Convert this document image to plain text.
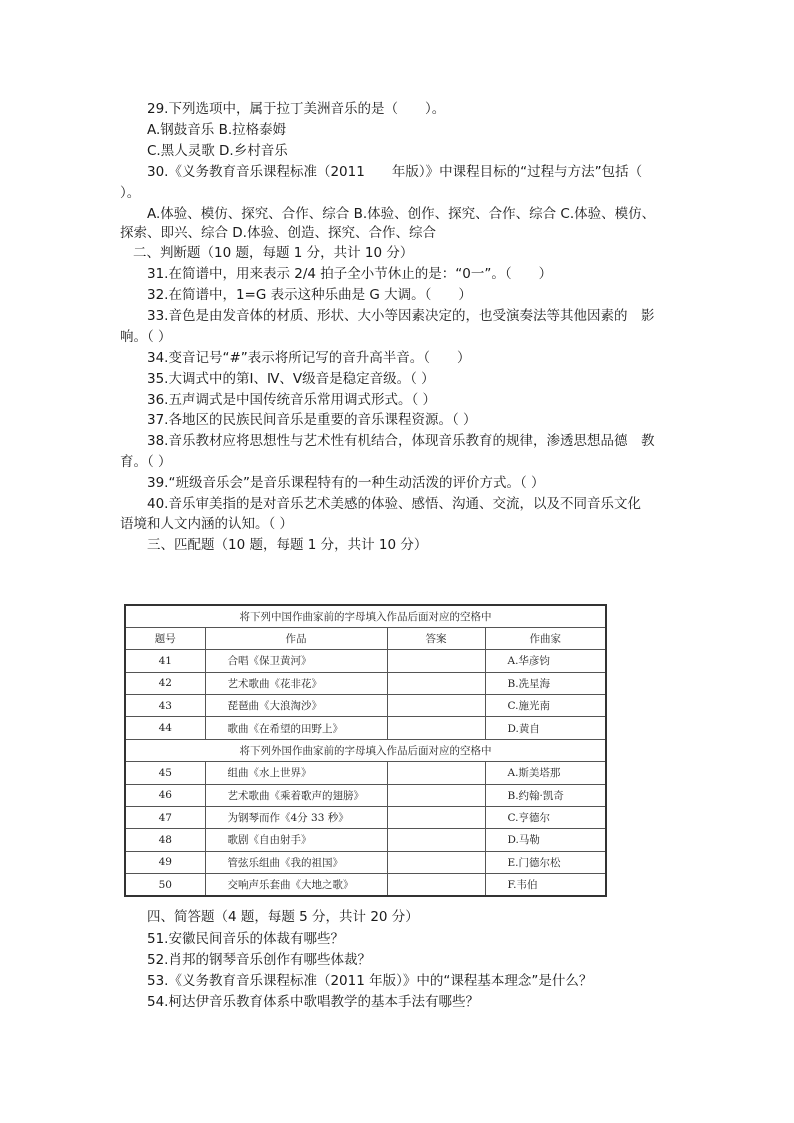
29.下列选项中，属于拉丁美洲音乐的是（　　）。
A.钢鼓音乐 B.拉格泰姆
C.黑人灵歌 D.乡村音乐
30.《义务教育音乐课程标准（2011　　年版）》中课程目标的“过程与方法”包括（
）。
A.体验、模仿、探究、合作、综合 B.体验、创作、探究、合作、综合 C.体验、模仿、
探索、即兴、综合 D.体验、创造、探究、合作、综合
二、判断题（10 题，每题 1 分，共计 10 分）
31.在简谱中，用来表示 2/4 拍子全小节休止的是：“0一”。（　　）
32.在简谱中，1=G 表示这种乐曲是 G 大调。（　　）
33.音色是由发音体的材质、形状、大小等因素决定的，也受演奏法等其他因素的　影
响。（ ）
34.变音记号“#”表示将所记写的音升高半音。（　　）
35.大调式中的第Ⅰ、Ⅳ、Ⅴ级音是稳定音级。（ ）
36.五声调式是中国传统音乐常用调式形式。（ ）
37.各地区的民族民间音乐是重要的音乐课程资源。（ ）
38.音乐教材应将思想性与艺术性有机结合，体现音乐教育的规律，渗透思想品德　教
育。（ ）
39.“班级音乐会”是音乐课程特有的一种生动活泼的评价方式。（ ）
40.音乐审美指的是对音乐艺术美感的体验、感悟、沟通、交流，以及不同音乐文化
语境和人文内涵的认知。（ ）
三、匹配题（10 题，每题 1 分，共计 10 分）
将下列中国作曲家前的字母填入作品后面对应的空格中			
题号	作品	答案	作曲家
41	合唱《保卫黄河》		A.华彦钧
42	艺术歌曲《花非花》		B.冼星海
43	琵琶曲《大浪淘沙》		C.施光南
44	歌曲《在希望的田野上》		D.黄自
将下列外国作曲家前的字母填入作品后面对应的空格中			
45	组曲《水上世界》		A.斯美塔那
46	艺术歌曲《乘着歌声的翅膀》		B.约翰·凯奇
47	为钢琴而作《4分 33 秒》		C.亨德尔
48	歌剧《自由射手》		D.马勒
49	管弦乐组曲《我的祖国》		E.门德尔松
50	交响声乐套曲《大地之歌》		F.韦伯
四、简答题（4 题，每题 5 分，共计 20 分）
51.安徽民间音乐的体裁有哪些？
52.肖邦的钢琴音乐创作有哪些体裁？
53.《义务教育音乐课程标准（2011 年版）》中的“课程基本理念”是什么？
54.柯达伊音乐教育体系中歌唱教学的基本手法有哪些？
